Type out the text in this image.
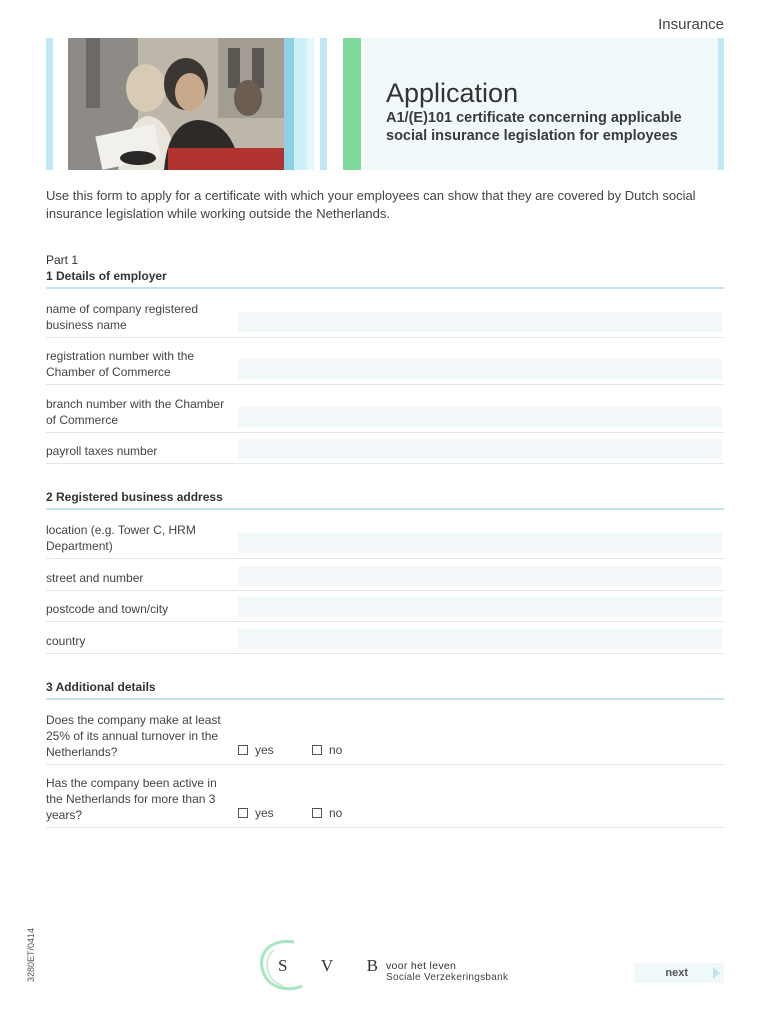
Insurance
Application
A1/(E)101 certificate concerning applicable social insurance legislation for employees
Use this form to apply for a certificate with which your employees can show that they are covered by Dutch social insurance legislation while working outside the Netherlands.
Part 1
1 Details of employer
name of company registered business name
registration number with the Chamber of Commerce
branch number with the Chamber of Commerce
payroll taxes number
2 Registered business address
location (e.g. Tower C, HRM Department)
street and number
postcode and town/city
country
3 Additional details
Does the company make at least 25% of its annual turnover in the Netherlands?	yes	no
Has the company been active in the Netherlands for more than 3 years?	yes	no
3280ET/0414	S V B voor het leven
Sociale Verzekeringsbank	next
